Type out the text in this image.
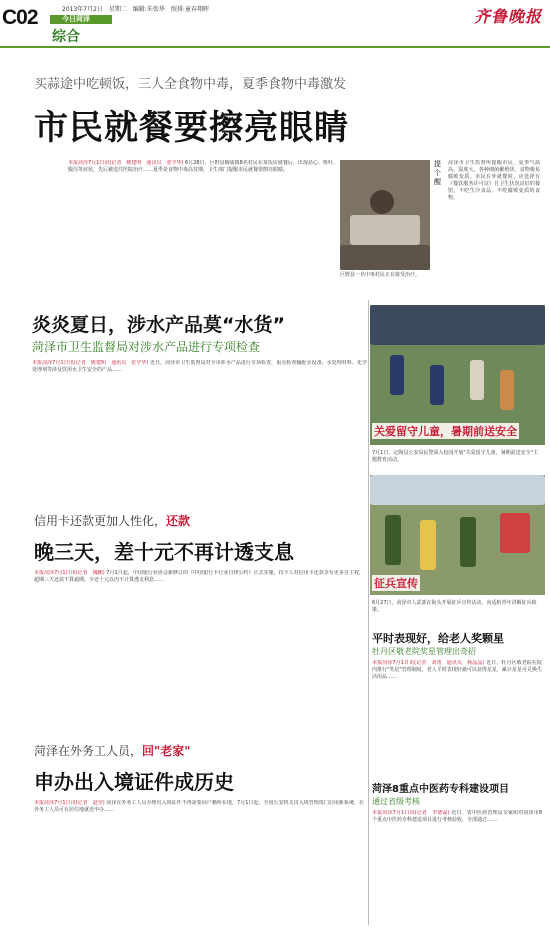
C02	2013年7月2日　星期二　编辑:朱张华　照排:童春翔晖
今日菏泽
综合
齐鲁晚报
买蒜途中吃顿饭，三人全食物中毒，夏季食物中毒激发
市民就餐要擦亮眼睛
本报菏泽7月1日讯(记者　姚建明　通讯员　张学华) 6月28日，巨野县陶庙镇8名村民在某饭店就餐后，出现恶心、呕吐、腹泻等症状，先后被送往医院治疗……夏季是食物中毒高发期，卫生部门提醒市民就餐要擦亮眼睛。
提个醒
菏泽市卫生监督所提醒市民，夏季气温高、湿度大，各种细菌繁殖快，食物极易腐败变质。市民在外就餐时，应选择有《餐饮服务许可证》且卫生状况良好的餐馆，不吃生冷食品，不吃腐败变质的食物。
巨野县一名中毒村民正在接受治疗。
炎炎夏日，涉水产品莫“水货”
菏泽市卫生监督局对涉水产品进行专项检查
本报菏泽7月1日讯(记者　姚建明　通讯员　张学华) 近日，菏泽市卫生监督局对全市涉水产品进行专项检查，重点检查输配水设备、水处理材料、化学处理剂等涉及饮用水卫生安全的产品……
关爱留守儿童，暑期前送安全
7月1日，定陶县公安局民警深入校园开展"关爱留守儿童，暑期前送安全"主题教育活动。
信用卡还款更加人性化，还款
晚三天，差十元不再计透支息
本报菏泽7月1日讯(记者　魏鹏) 7月1日起，中国银行业协会新修订的《中国银行卡行业自律公约》正式实施，持卡人对信用卡还款享有更多自主权，超期三天还款不算逾期，少还十元以内不计算透支利息……	征兵宣传
6月27日，菏泽市人武部在街头开展征兵宣传活动，向适龄青年讲解征兵政策。
平时表现好，给老人奖颗星
牡丹区敬老院奖星管理出奇招
本报菏泽7月1日讯(记者　刘勇　通讯员　杨晶晶) 近日，牡丹区敬老院在院内推行"奖星"管理制度，老人平时表现好就可以获得星星，累计星星可兑换生活用品……
菏泽在外务工人员，回"老家"
申办出入境证件成历史
本报菏泽7月1日讯(记者　赵莹) 菏泽在外务工人员办理出入境证件不再需要回户籍所在地，7月1日起，全国公安机关出入境管理部门启用新系统，在外务工人员可在居住地就近申办……
菏泽8重点中医药专科建设项目
通过省级考核
本报菏泽7月1日讯(记者　李德磊) 近日，省中医药管理局专家组对菏泽市8个重点中医药专科建设项目进行考核验收，全部通过……
